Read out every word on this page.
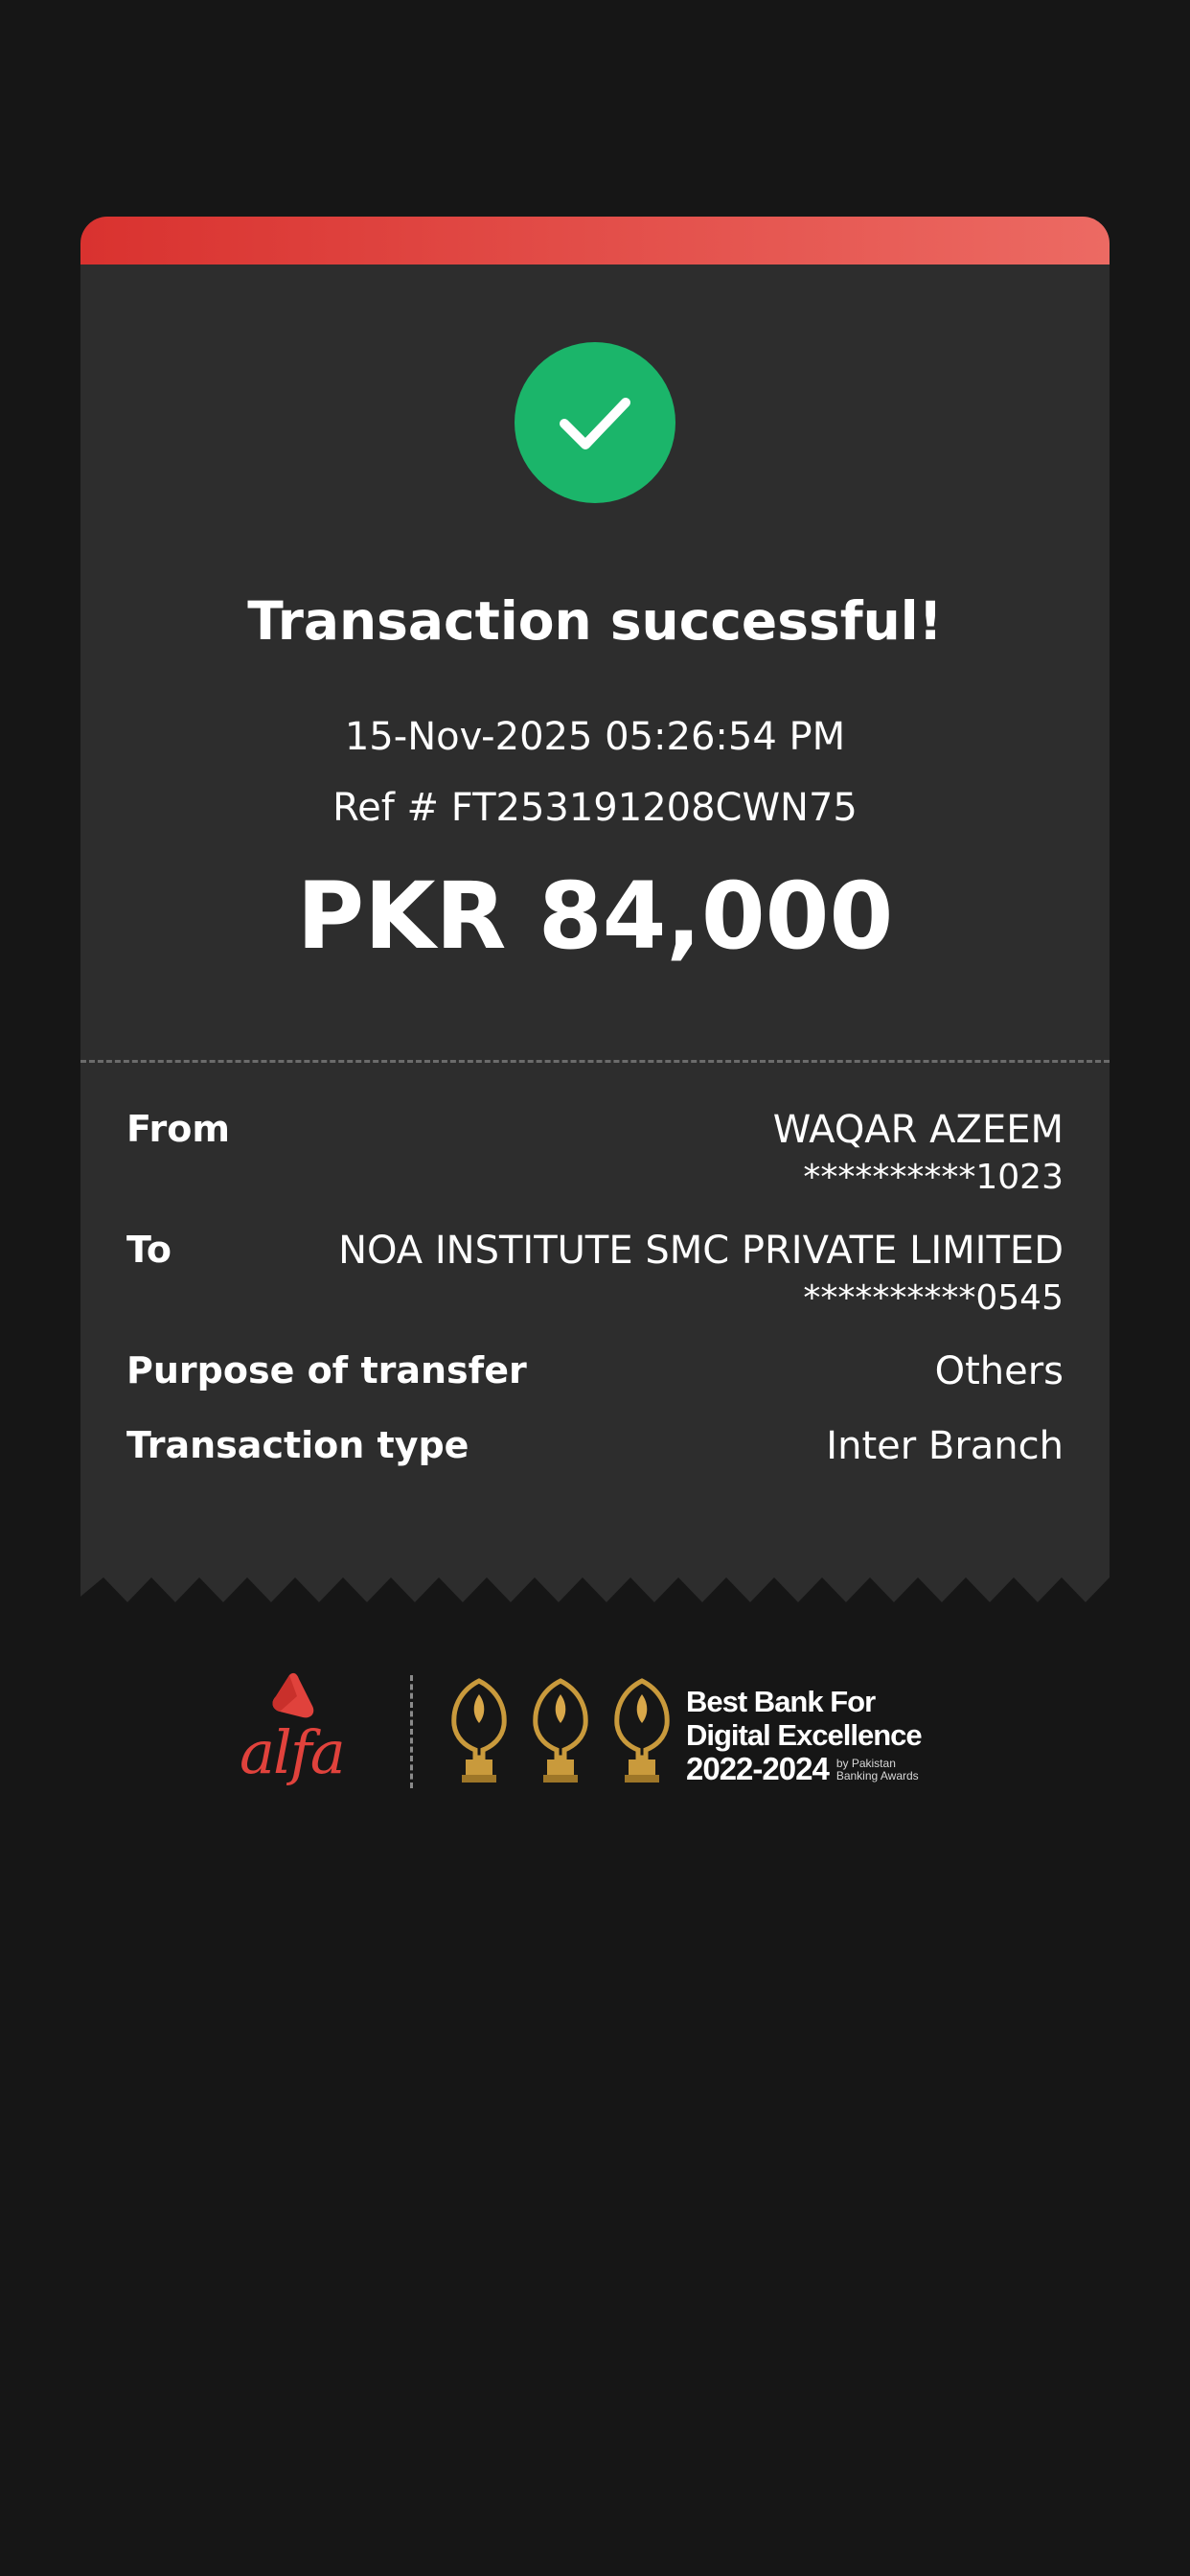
Transaction successful!
15-Nov-2025 05:26:54 PM
Ref # FT253191208CWN75
PKR 84,000
From	WAQAR AZEEM
**********1023
To	NOA INSTITUTE SMC PRIVATE LIMITED
**********0545
Purpose of transfer	Others
Transaction type	Inter Branch
alfa
Best Bank For
Digital Excellence
2022-2024 by Pakistan
Banking Awards
